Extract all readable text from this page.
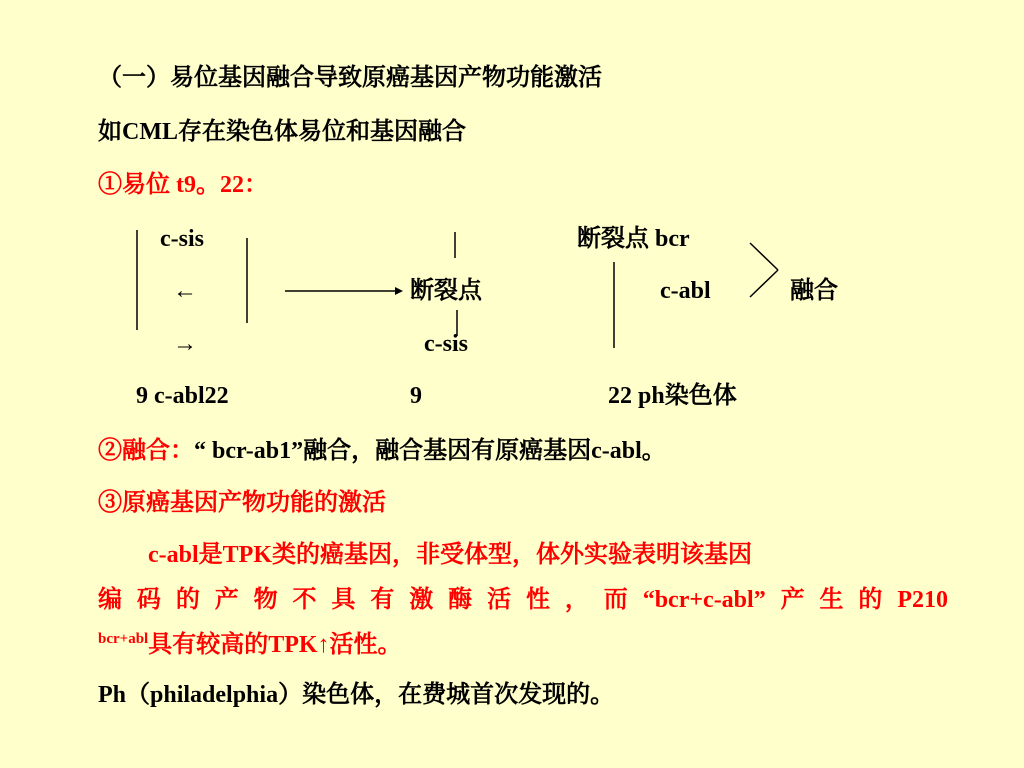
（一）易位基因融合导致原癌基因产物功能激活
如CML存在染色体易位和基因融合
①易位 t9。22：
c-sis
←
→
9 c-abl22
断裂点
c-sis
9
断裂点 bcr
c-abl	融合
22 ph染色体
②融合：“ bcr-ab1”融合，融合基因有原癌基因c-abl。
③原癌基因产物功能的激活
c-abl是TPK类的癌基因，非受体型，体外实验表明该基因
编码的产物不具有激酶活性，而“bcr+c-abl”产生的P210
$^{bcr+abl}$具有较高的TPK↑活性。
Ph（philadelphia）染色体，在费城首次发现的。
